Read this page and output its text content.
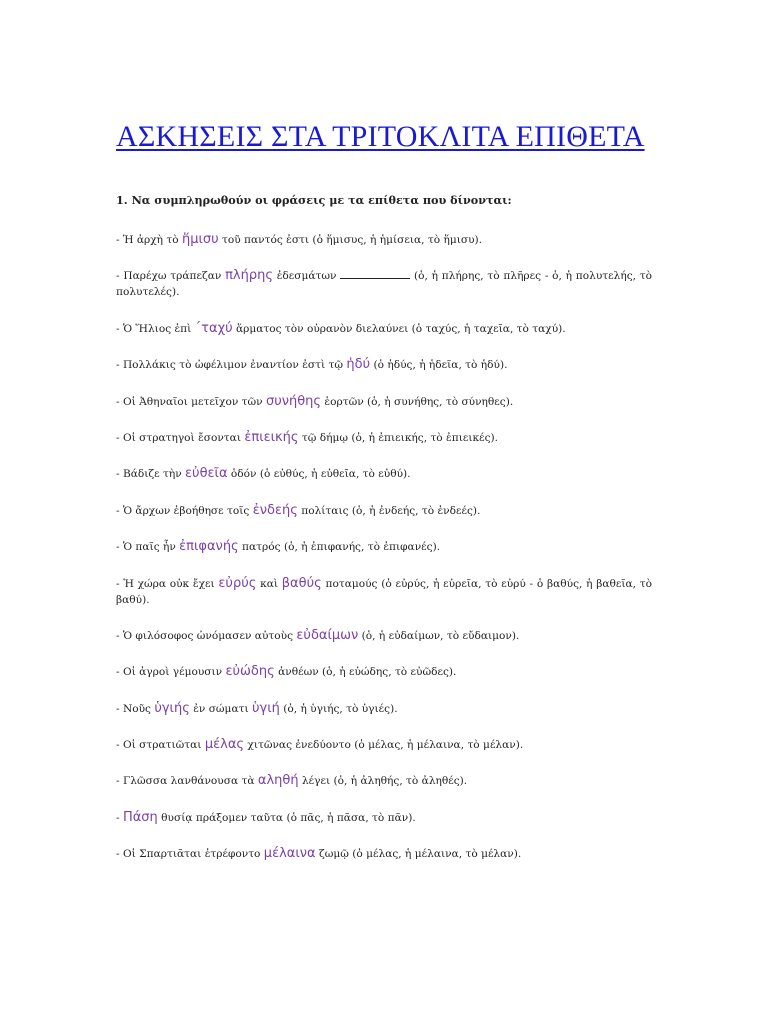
ΑΣΚΗΣΕΙΣ ΣΤΑ ΤΡΙΤΟΚΛΙΤΑ ΕΠΙΘΕΤΑ
1. Να συμπληρωθούν οι φράσεις με τα επίθετα που δίνονται:
- Ἡ ἀρχὴ τὸ ἥμισυ τοῦ παντός ἐστι (ὁ ἥμισυς, ἡ ἡμίσεια, τὸ ἥμισυ).
- Παρέχω τράπεζαν πλήρης ἐδεσμάτων	(ὁ, ἡ πλήρης, τὸ πλῆρες - ὁ, ἡ πολυτελής, τὸ πολυτελές).
- Ὁ Ἥλιος ἐπὶ ΄ταχύ ἅρματος τὸν οὐρανὸν διελαύνει (ὁ ταχύς, ἡ ταχεῖα, τὸ ταχύ).
- Πολλάκις τὸ ὠφέλιμον ἐναντίον ἐστὶ τῷ ἡδύ (ὁ ἡδύς, ἡ ἡδεῖα, τὸ ἡδύ).
- Οἱ Ἀθηναῖοι μετεῖχον τῶν συνήθης ἑορτῶν (ὁ, ἡ συνήθης, τὸ σύνηθες).
- Οἱ στρατηγοὶ ἔσονται ἐπιεικής τῷ δήμῳ (ὁ, ἡ ἐπιεικής, τὸ ἐπιεικές).
- Βάδιζε τὴν εὐθεῖα ὁδόν (ὁ εὐθύς, ἡ εὐθεῖα, τὸ εὐθύ).
- Ὁ ἄρχων ἐβοήθησε τοῖς ἐνδεής πολίταις (ὁ, ἡ ἐνδεής, τὸ ἐνδεές).
- Ὁ παῖς ἦν ἐπιφανής πατρός (ὁ, ἡ ἐπιφανής, τὸ ἐπιφανές).
- Ἡ χώρα οὐκ ἔχει εὐρύς καὶ βαθύς ποταμούς (ὁ εὐρύς, ἡ εὐρεῖα, τὸ εὐρύ - ὁ βαθύς, ἡ βαθεῖα, τὸ βαθύ).
- Ὁ φιλόσοφος ὠνόμασεν αὐτοὺς εὐδαίμων (ὁ, ἡ εὐδαίμων, τὸ εὔδαιμον).
- Οἱ ἀγροὶ γέμουσιν εὐώδης ἀνθέων (ὁ, ἡ εὐώδης, τὸ εὐῶδες).
- Νοῦς ὑγιής ἐν σώματι ὑγιή (ὁ, ἡ ὑγιής, τὸ ὑγιές).
- Οἱ στρατιῶται μέλας χιτῶνας ἐνεδύοντο (ὁ μέλας, ἡ μέλαινα, τὸ μέλαν).
- Γλῶσσα λανθάνουσα τὰ αληθή λέγει (ὁ, ἡ ἀληθής, τὸ ἀληθές).
- Πάση θυσίᾳ πράξομεν ταῦτα (ὁ πᾶς, ἡ πᾶσα, τὸ πᾶν).
- Οἱ Σπαρτιᾶται ἐτρέφοντο μέλαινα ζωμῷ (ὁ μέλας, ἡ μέλαινα, τὸ μέλαν).
